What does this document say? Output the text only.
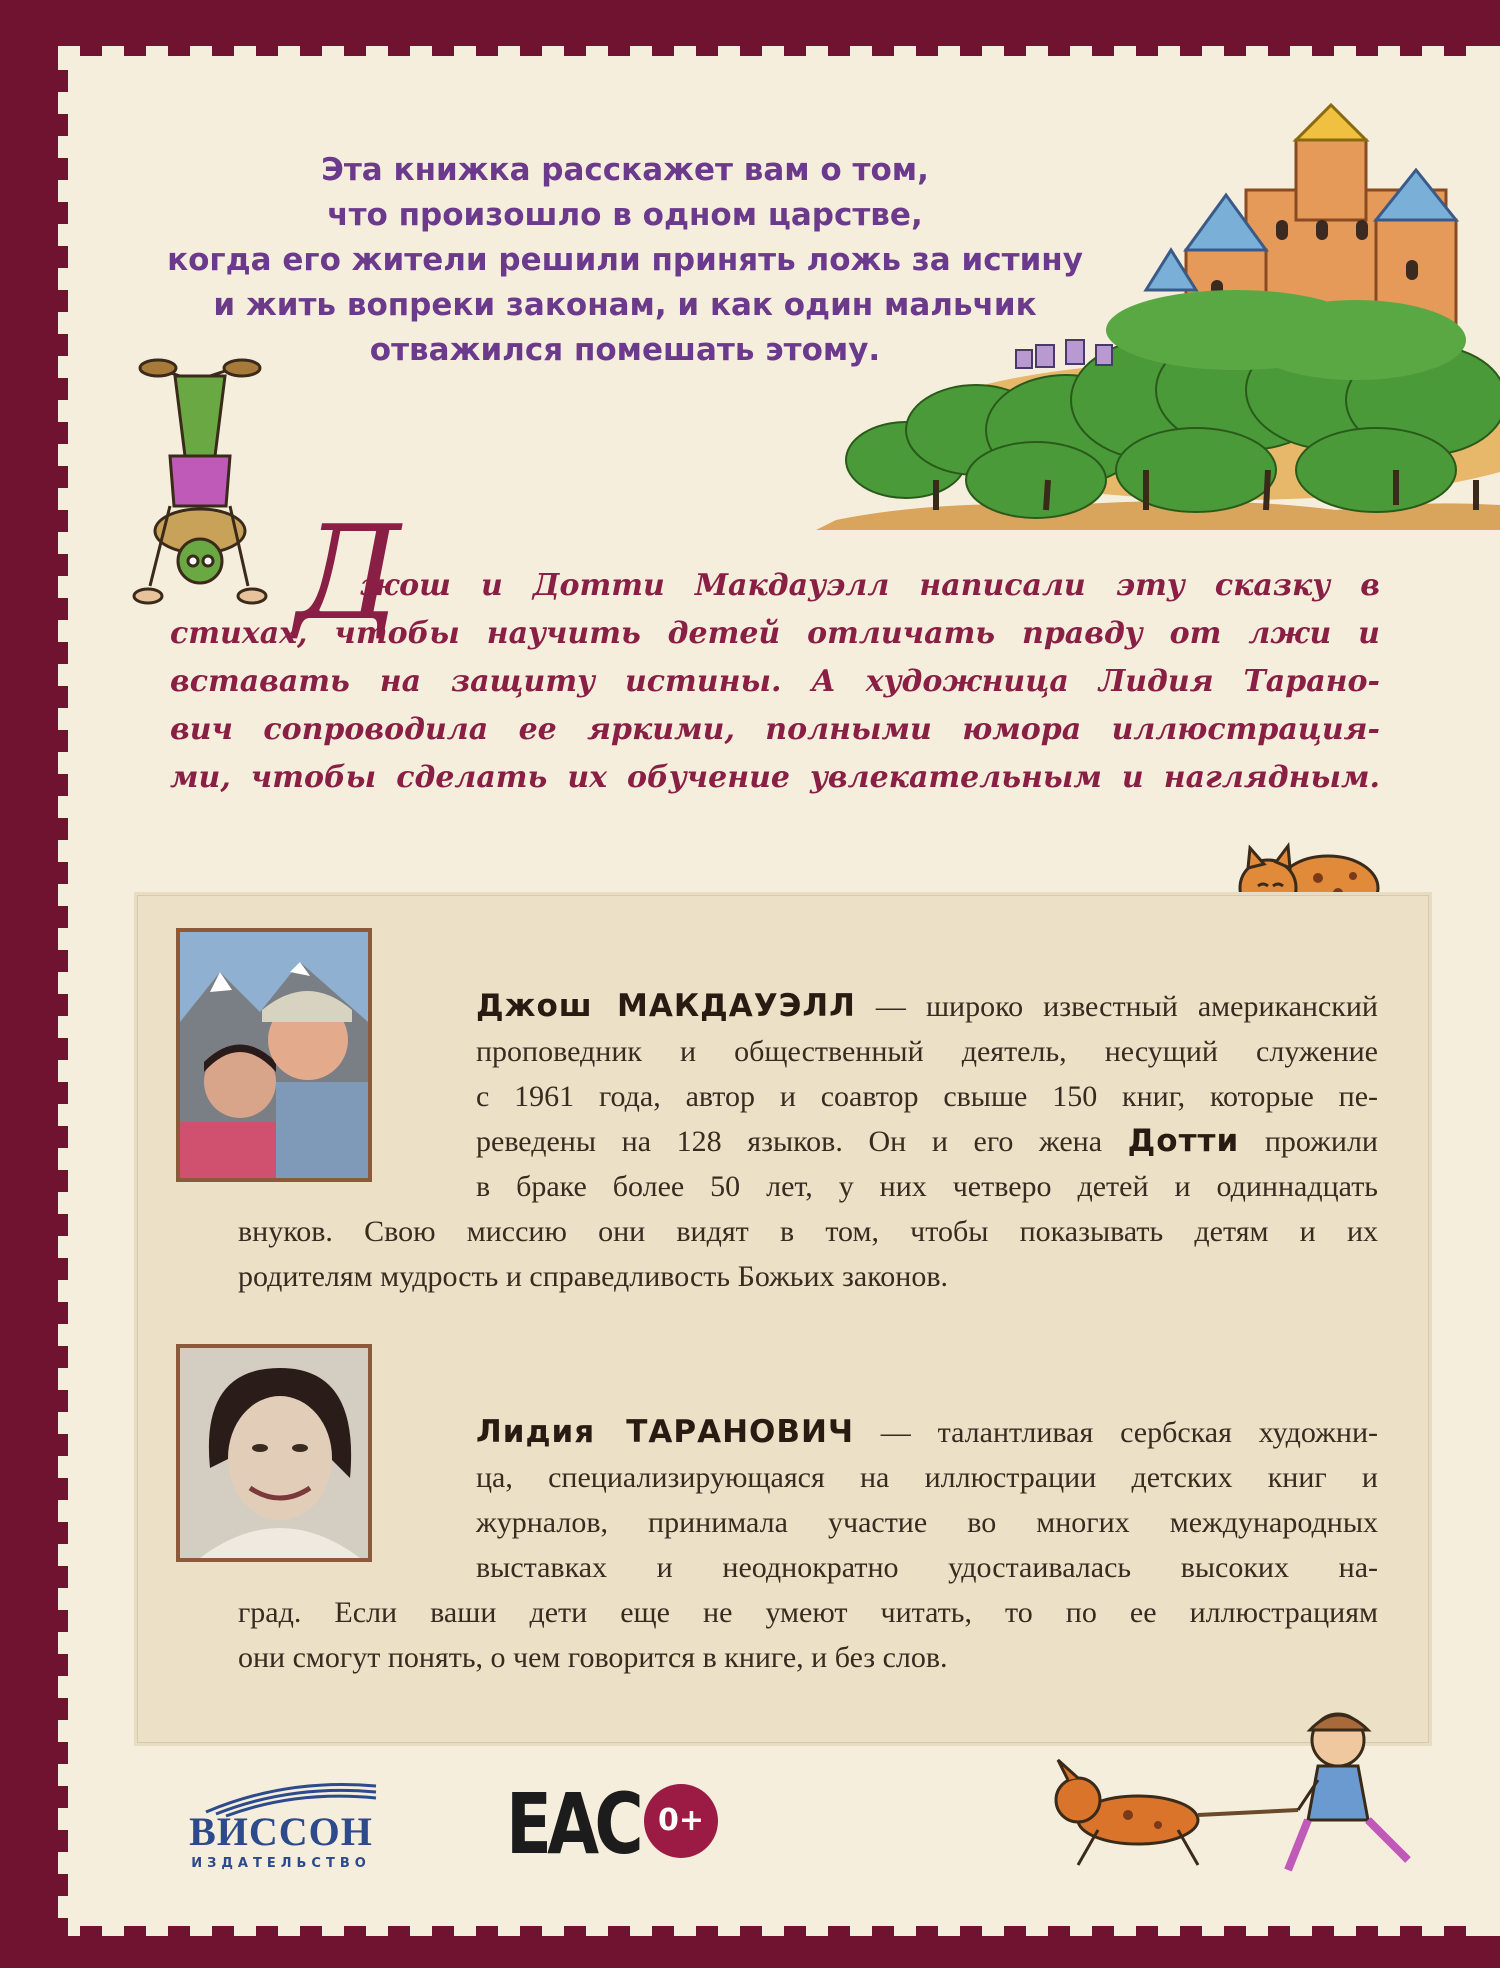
Эта книжка расскажет вам о том,
что произошло в одном царстве,
когда его жители решили принять ложь за истину
и жить вопреки законам, и как один мальчик
отважился помешать этому.
Д
жош и Дотти Макдауэлл написали эту сказку в
стихах, чтобы научить детей отличать правду от лжи и
вставать на защиту истины. А художница Лидия Тарано-
вич сопроводила ее яркими, полными юмора иллюстрация-
ми, чтобы сделать их обучение увлекательным и наглядным.
Джош МАКДАУЭЛЛ — широко известный американский
проповедник и общественный деятель, несущий служение
с 1961 года, автор и соавтор свыше 150 книг, которые пе-
реведены на 128 языков. Он и его жена Дотти прожили
в браке более 50 лет, у них четверо детей и одиннадцать
внуков. Свою миссию они видят в том, чтобы показывать детям и их
родителям мудрость и справедливость Божьих законов.
Лидия ТАРАНОВИЧ — талантливая сербская художни-
ца, специализирующаяся на иллюстрации детских книг и
журналов, принимала участие во многих международных
выставках и неоднократно удостаивалась высоких на-
град. Если ваши дети еще не умеют читать, то по ее иллюстрациям
они смогут понять, о чем говорится в книге, и без слов.
ВИССОН
ИЗДАТЕЛЬСТВО ЕАС 0+
